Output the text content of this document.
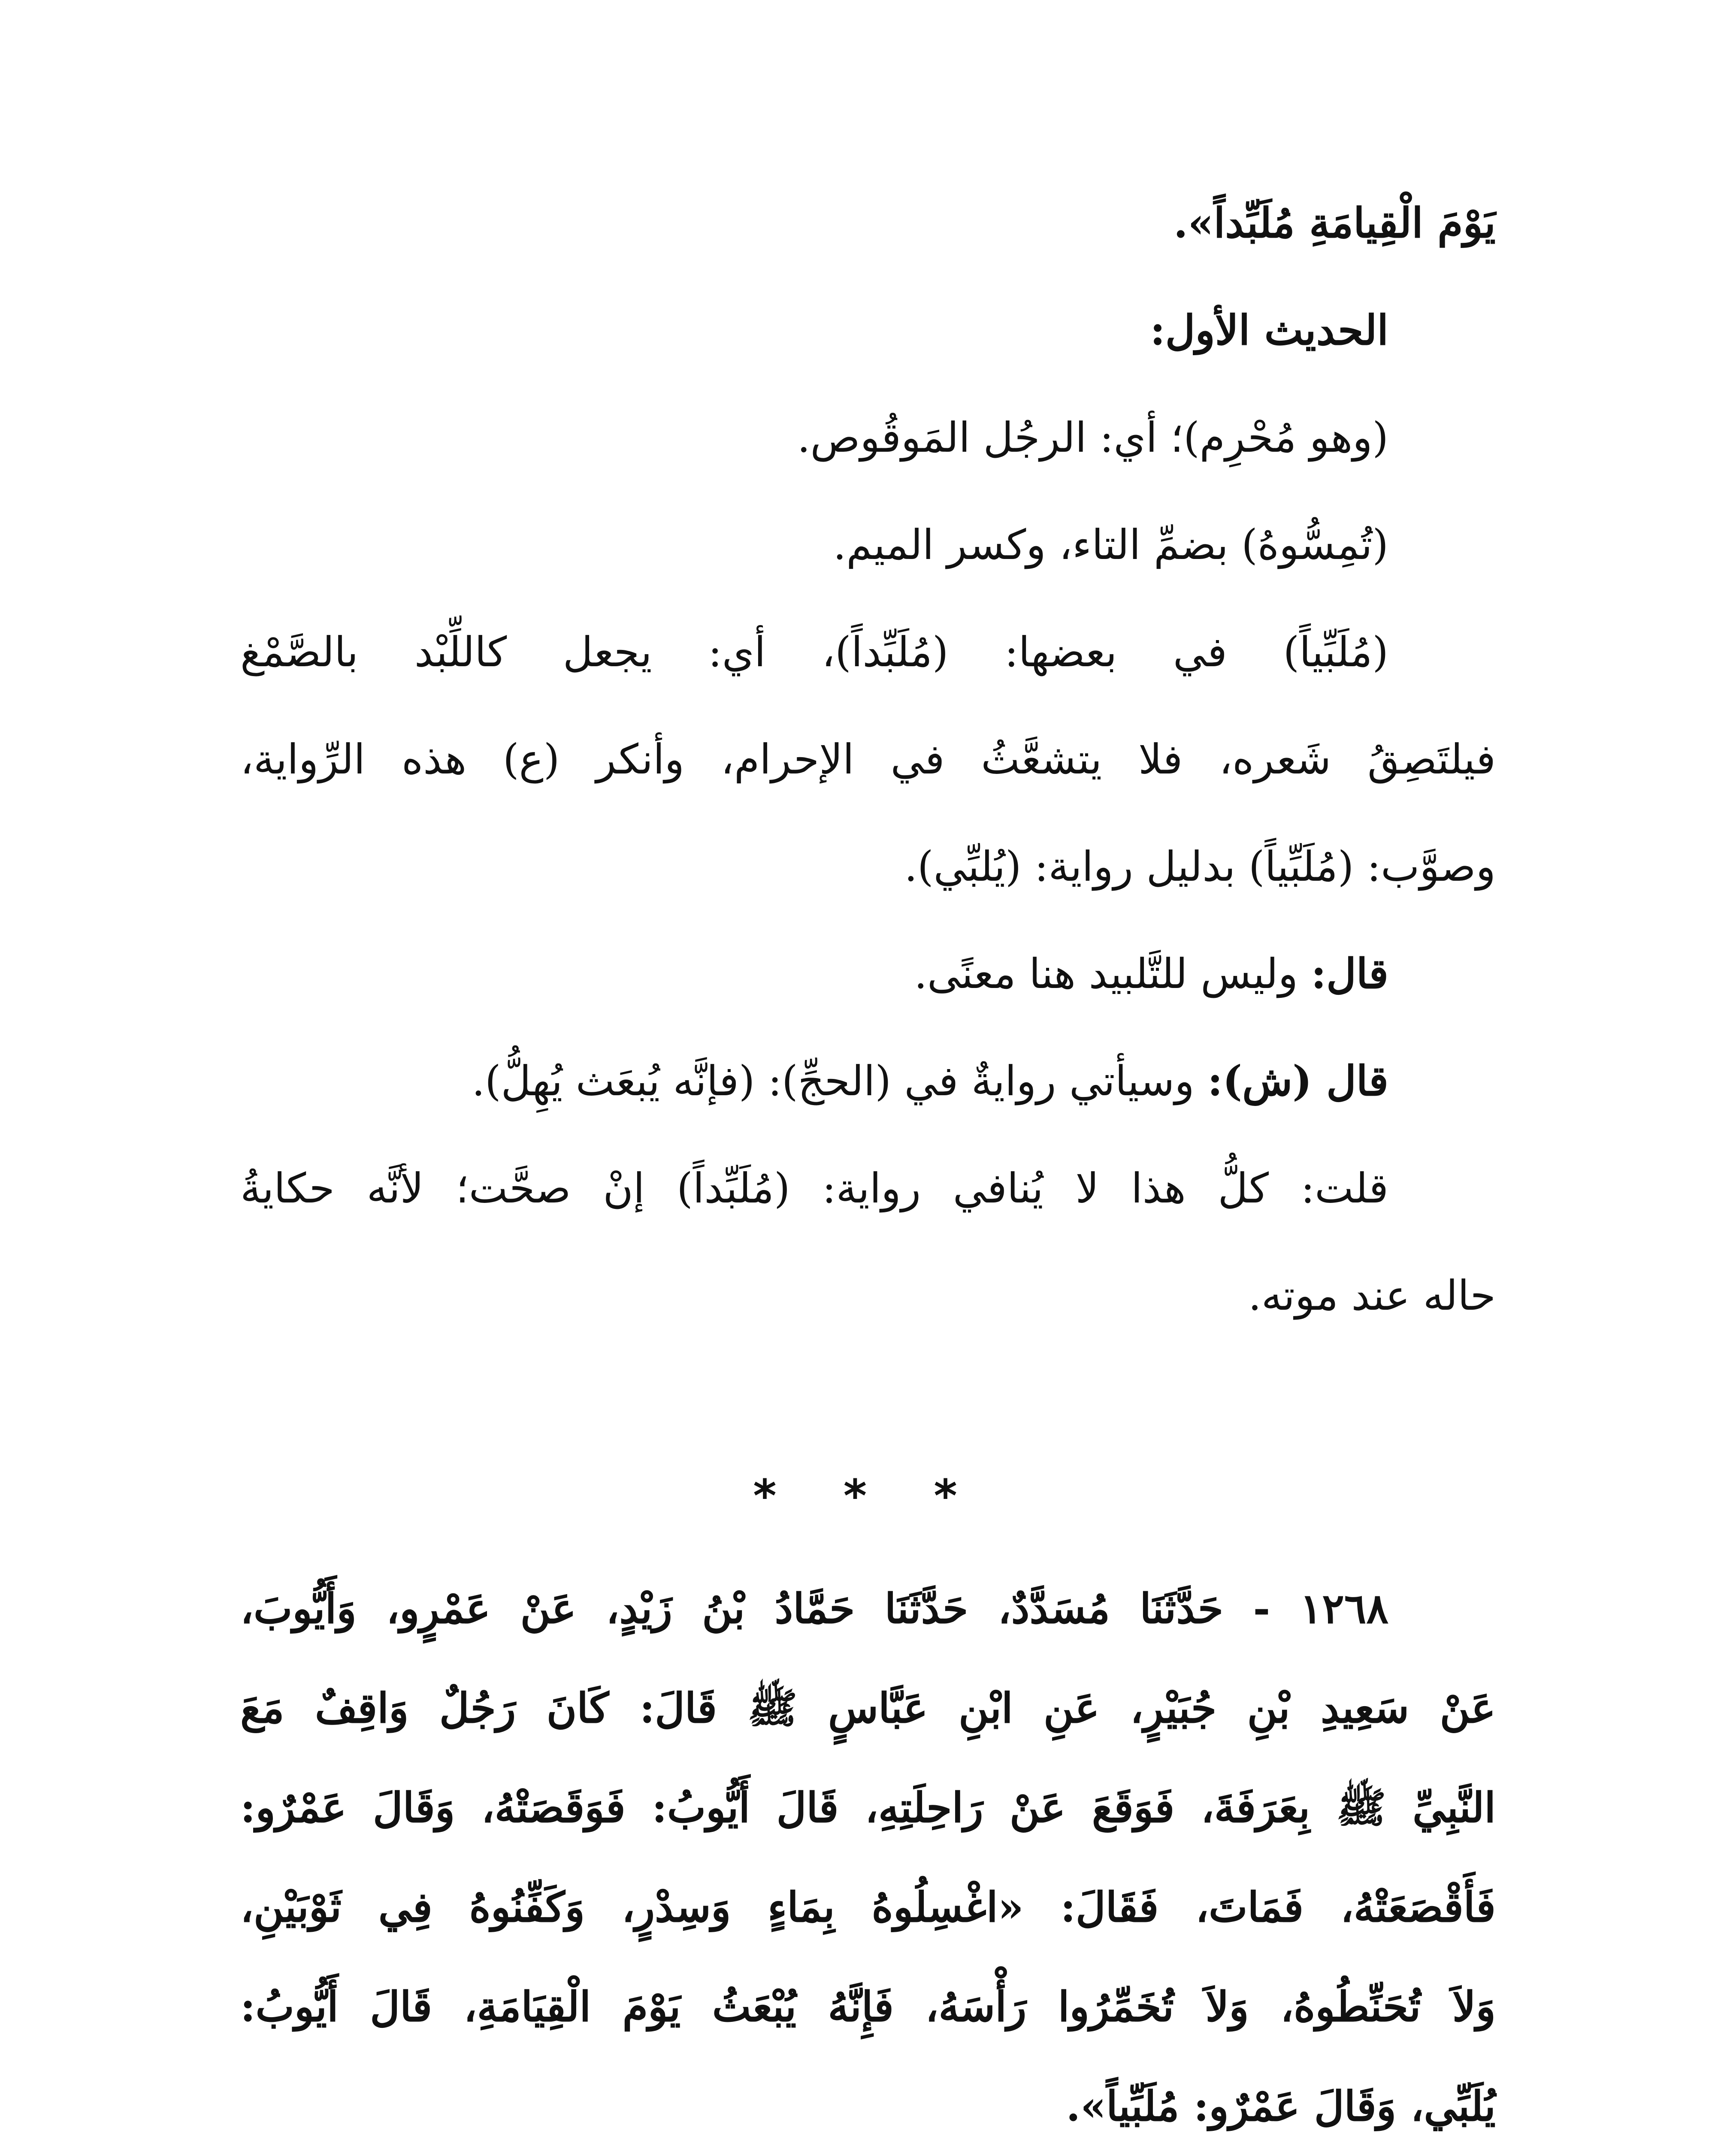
يَوْمَ الْقِيامَةِ مُلَبِّداً».
الحديث الأول:
(وهو مُحْرِم)؛ أي: الرجُل المَوقُوص.
(تُمِسُّوهُ) بضمِّ التاء، وكسر الميم.
(مُلَبِّياً) في بعضها: (مُلَبِّداً)، أي: يجعل كاللِّبْد بالصَّمْغ
فيلتَصِقُ شَعره، فلا يتشعَّثُ في الإحرام، وأنكر (ع) هذه الرِّواية،
وصوَّب: (مُلَبِّياً) بدليل رواية: (يُلبِّي).
قال: وليس للتَّلبيد هنا معنًى.
قال (ش): وسيأتي روايةٌ في (الحجِّ): (فإنَّه يُبعَث يُهِلُّ).
قلت: كلُّ هذا لا يُنافي رواية: (مُلَبِّداً) إنْ صحَّت؛ لأنَّه حكايةُ
حاله عند موته.
* * *
١٢٦٨ - حَدَّثَنَا مُسَدَّدٌ، حَدَّثَنَا حَمَّادُ بْنُ زَيْدٍ، عَنْ عَمْرٍو، وَأَيُّوبَ،
عَنْ سَعِيدِ بْنِ جُبَيْرٍ، عَنِ ابْنِ عَبَّاسٍ ﷺ قَالَ: كَانَ رَجُلٌ وَاقِفٌ مَعَ
النَّبِيِّ ﷺ بِعَرَفَةَ، فَوَقَعَ عَنْ رَاحِلَتِهِ، قَالَ أَيُّوبُ: فَوَقَصَتْهُ، وَقَالَ عَمْرٌو:
فَأَقْصَعَتْهُ، فَمَاتَ، فَقَالَ: «اغْسِلُوهُ بِمَاءٍ وَسِدْرٍ، وَكَفِّنُوهُ فِي ثَوْبَيْنِ،
وَلاَ تُحَنِّطُوهُ، وَلاَ تُخَمِّرُوا رَأْسَهُ، فَإِنَّهُ يُبْعَثُ يَوْمَ الْقِيَامَةِ، قَالَ أَيُّوبُ:
يُلَبِّي، وَقَالَ عَمْرٌو: مُلَبِّياً».
